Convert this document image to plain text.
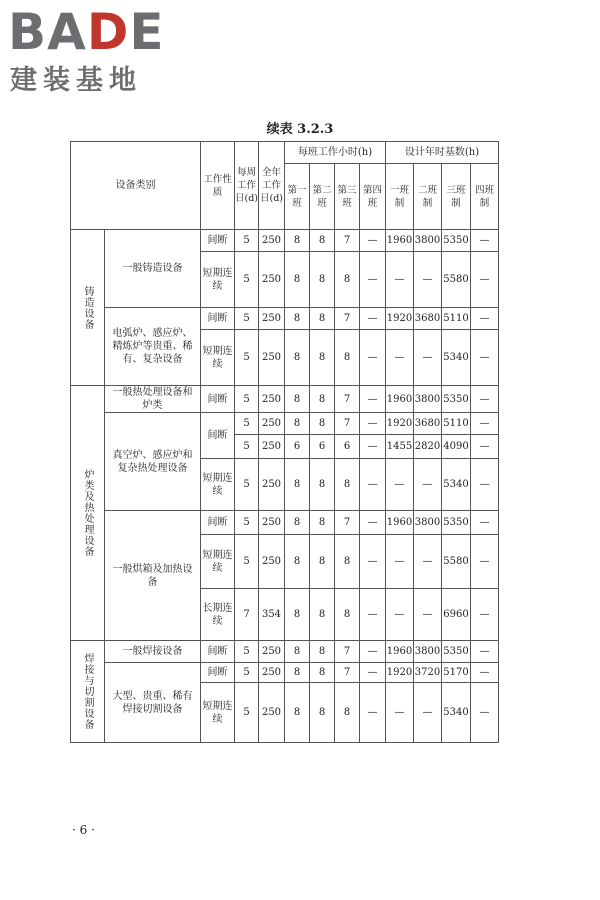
BADE
建装基地
续表 3.2.3
设备类别		工作性质	每周工作日(d)	全年工作日(d)	每班工作小时(h)				设计年时基数(h)			
					第一班	第二班	第三班	第四班	一班制	二班制	三班制	四班制

铸造设备	一般铸造设备	间断	5	250	8	8	7	—	1960	3800	5350	—
		短期连续	5	250	8	8	8	—	—	—	5580	—
	电弧炉、感应炉、精炼炉等贵重、稀有、复杂设备	间断	5	250	8	8	7	—	1920	3680	5110	—
		短期连续	5	250	8	8	8	—	—	—	5340	—

炉类及热处理设备	一般热处理设备和炉类	间断	5	250	8	8	7	—	1960	3800	5350	—
	真空炉、感应炉和复杂热处理设备	间断	5	250	8	8	7	—	1920	3680	5110	—
			5	250	6	6	6	—	1455	2820	4090	—
		短期连续	5	250	8	8	8	—	—	—	5340	—
	一般烘箱及加热设备	间断	5	250	8	8	7	—	1960	3800	5350	—
		短期连续	5	250	8	8	8	—	—	—	5580	—
		长期连续	7	354	8	8	8	—	—	—	6960	—

焊接与切割设备	一般焊接设备	间断	5	250	8	8	7	—	1960	3800	5350	—
	大型、贵重、稀有焊接切割设备	间断	5	250	8	8	7	—	1920	3720	5170	—
		短期连续	5	250	8	8	8	—	—	—	5340	—
· 6 ·
